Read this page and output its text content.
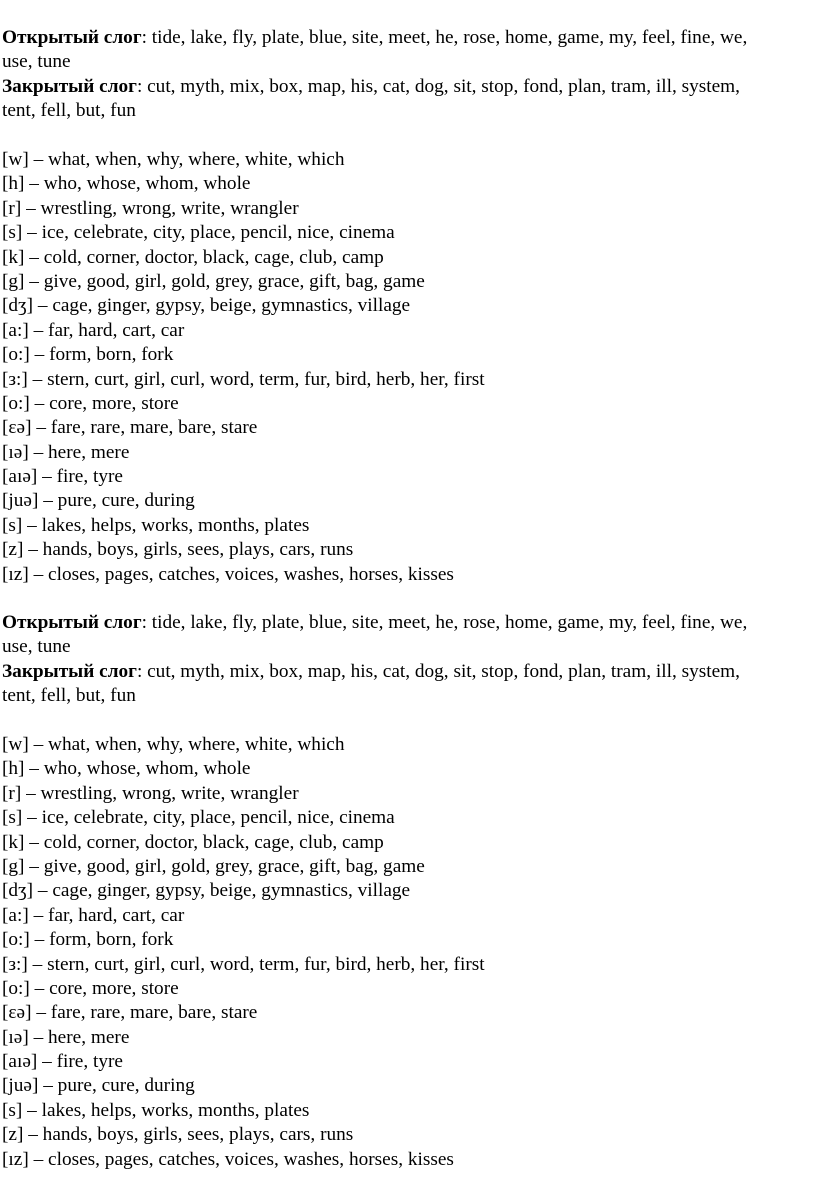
Открытый слог: tide, lake, fly, plate, blue, site, meet, he, rose, home, game, my, feel, fine, we,
use, tune
Закрытый слог: cut, myth, mix, box, map, his, cat, dog, sit, stop, fond, plan, tram, ill, system,
tent, fell, but, fun
[w] – what, when, why, where, white, which
[h] – who, whose, whom, whole
[r] – wrestling, wrong, write, wrangler
[s] – ice, celebrate, city, place, pencil, nice, cinema
[k] – cold, corner, doctor, black, cage, club, camp
[g] – give, good, girl, gold, grey, grace, gift, bag, game
[dʒ] – cage, ginger, gypsy, beige, gymnastics, village
[a:] – far, hard, cart, car
[o:] – form, born, fork
[з:] – stern, curt, girl, curl, word, term, fur, bird, herb, her, first
[o:] – core, more, store
[εə] – fare, rare, mare, bare, stare
[ıə] – here, mere
[aıə] – fire, tyre
[juə] – pure, cure, during
[s] – lakes, helps, works, months, plates
[z] – hands, boys, girls, sees, plays, cars, runs
[ız] – closes, pages, catches, voices, washes, horses, kisses
Открытый слог: tide, lake, fly, plate, blue, site, meet, he, rose, home, game, my, feel, fine, we,
use, tune
Закрытый слог: cut, myth, mix, box, map, his, cat, dog, sit, stop, fond, plan, tram, ill, system,
tent, fell, but, fun
[w] – what, when, why, where, white, which
[h] – who, whose, whom, whole
[r] – wrestling, wrong, write, wrangler
[s] – ice, celebrate, city, place, pencil, nice, cinema
[k] – cold, corner, doctor, black, cage, club, camp
[g] – give, good, girl, gold, grey, grace, gift, bag, game
[dʒ] – cage, ginger, gypsy, beige, gymnastics, village
[a:] – far, hard, cart, car
[o:] – form, born, fork
[з:] – stern, curt, girl, curl, word, term, fur, bird, herb, her, first
[o:] – core, more, store
[εə] – fare, rare, mare, bare, stare
[ıə] – here, mere
[aıə] – fire, tyre
[juə] – pure, cure, during
[s] – lakes, helps, works, months, plates
[z] – hands, boys, girls, sees, plays, cars, runs
[ız] – closes, pages, catches, voices, washes, horses, kisses
